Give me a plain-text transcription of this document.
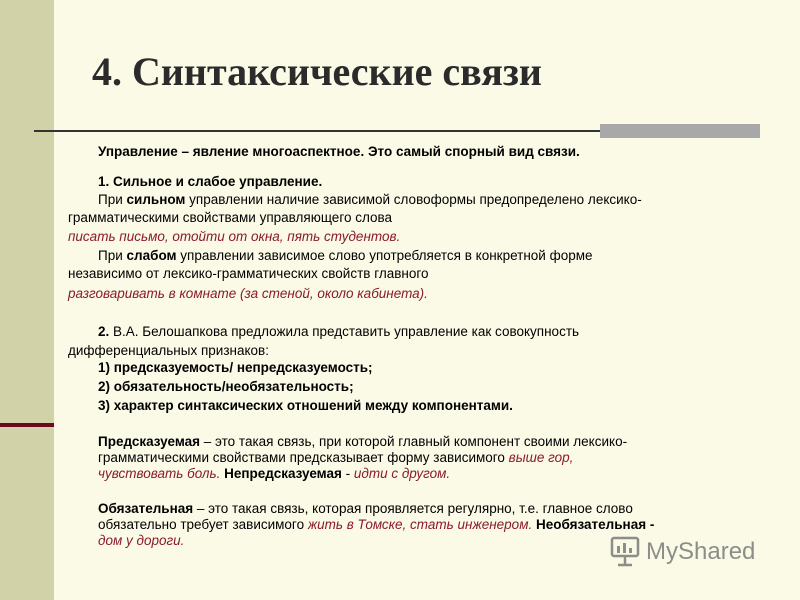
4. Синтаксические связи
Управление – явление многоаспектное. Это самый спорный вид связи.
1. Сильное и слабое управление.
При сильном управлении наличие зависимой словоформы предопределено лексико-
грамматическими свойствами управляющего слова
писать письмо, отойти от окна, пять студентов.
При слабом управлении зависимое слово употребляется в конкретной форме
независимо от лексико-грамматических свойств главного
разговаривать в комнате (за стеной, около кабинета).
2. В.А. Белошапкова предложила представить управление как совокупность
дифференциальных признаков:
1) предсказуемость/ непредсказуемость;
2) обязательность/необязательность;
3) характер синтаксических отношений между компонентами.
Предсказуемая – это такая связь, при которой главный компонент своими лексико-
грамматическими свойствами предсказывает форму зависимого выше гор,
чувствовать боль. Непредсказуемая - идти с другом.
Обязательная – это такая связь, которая проявляется регулярно, т.е. главное слово
обязательно требует зависимого жить в Томске, стать инженером. Необязательная -
дом у дороги.	MyShared
